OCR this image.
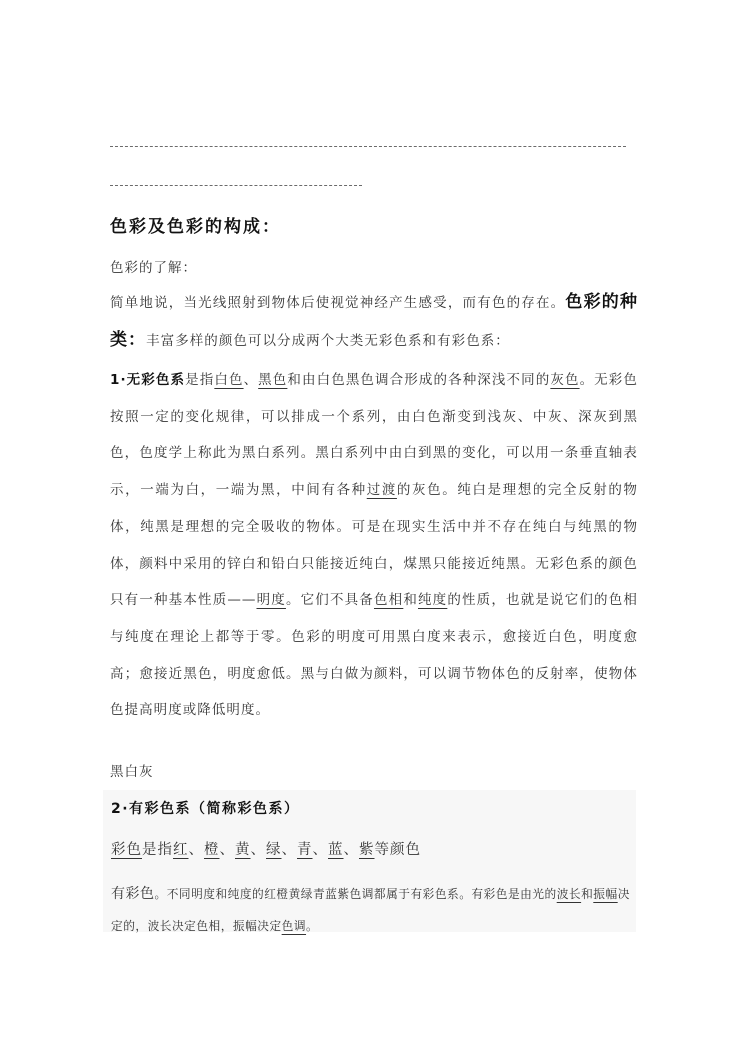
色彩及色彩的构成：
色彩的了解：
简单地说，当光线照射到物体后使视觉神经产生感受，而有色的存在。色彩的种类：丰富多样的颜色可以分成两个大类无彩色系和有彩色系：
1·无彩色系是指白色、黑色和由白色黑色调合形成的各种深浅不同的灰色。无彩色按照一定的变化规律，可以排成一个系列，由白色渐变到浅灰、中灰、深灰到黑色，色度学上称此为黑白系列。黑白系列中由白到黑的变化，可以用一条垂直轴表示，一端为白，一端为黑，中间有各种过渡的灰色。纯白是理想的完全反射的物体，纯黑是理想的完全吸收的物体。可是在现实生活中并不存在纯白与纯黑的物体，颜料中采用的锌白和铅白只能接近纯白，煤黑只能接近纯黑。无彩色系的颜色只有一种基本性质——明度。它们不具备色相和纯度的性质，也就是说它们的色相与纯度在理论上都等于零。色彩的明度可用黑白度来表示，愈接近白色，明度愈高；愈接近黑色，明度愈低。黑与白做为颜料，可以调节物体色的反射率，使物体色提高明度或降低明度。
黑白灰
2·有彩色系（简称彩色系）
彩色是指红、橙、黄、绿、青、蓝、紫等颜色
有彩色。不同明度和纯度的红橙黄绿青蓝紫色调都属于有彩色系。有彩色是由光的波长和振幅决定的，波长决定色相，振幅决定色调。
